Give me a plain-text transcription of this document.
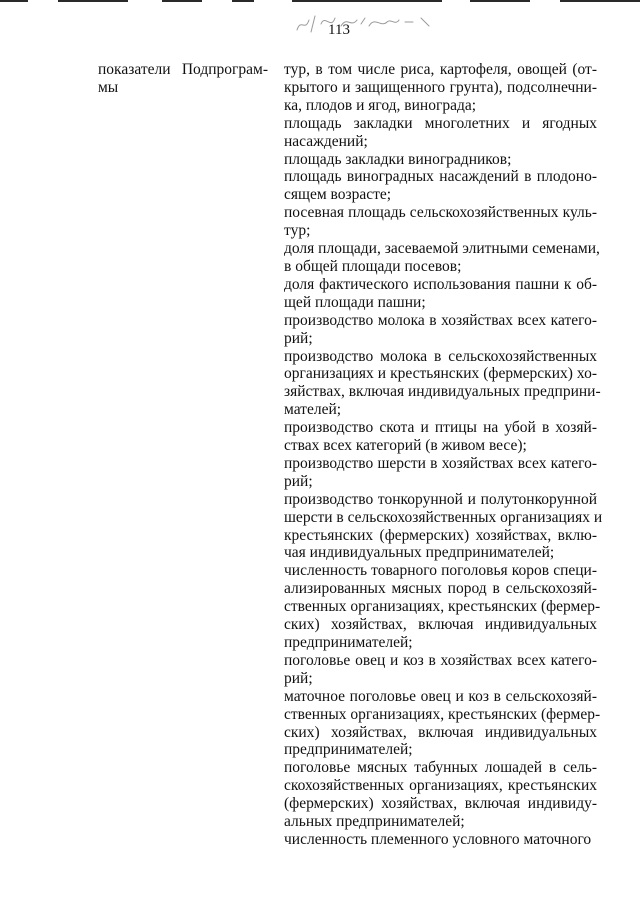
113
показатели Подпрограм-
мы
тур, в том числе риса, картофеля, овощей (от-
крытого и защищенного грунта), подсолнечни-
ка, плодов и ягод, винограда;
площадь закладки многолетних и ягодных
насаждений;
площадь закладки виноградников;
площадь виноградных насаждений в плодоно-
сящем возрасте;
посевная площадь сельскохозяйственных куль-
тур;
доля площади, засеваемой элитными семенами,
в общей площади посевов;
доля фактического использования пашни к об-
щей площади пашни;
производство молока в хозяйствах всех катего-
рий;
производство молока в сельскохозяйственных
организациях и крестьянских (фермерских) хо-
зяйствах, включая индивидуальных предприни-
мателей;
производство скота и птицы на убой в хозяй-
ствах всех категорий (в живом весе);
производство шерсти в хозяйствах всех катего-
рий;
производство тонкорунной и полутонкорунной
шерсти в сельскохозяйственных организациях и
крестьянских (фермерских) хозяйствах, вклю-
чая индивидуальных предпринимателей;
численность товарного поголовья коров специ-
ализированных мясных пород в сельскохозяй-
ственных организациях, крестьянских (фермер-
ских) хозяйствах, включая индивидуальных
предпринимателей;
поголовье овец и коз в хозяйствах всех катего-
рий;
маточное поголовье овец и коз в сельскохозяй-
ственных организациях, крестьянских (фермер-
ских) хозяйствах, включая индивидуальных
предпринимателей;
поголовье мясных табунных лошадей в сель-
скохозяйственных организациях, крестьянских
(фермерских) хозяйствах, включая индивиду-
альных предпринимателей;
численность племенного условного маточного
